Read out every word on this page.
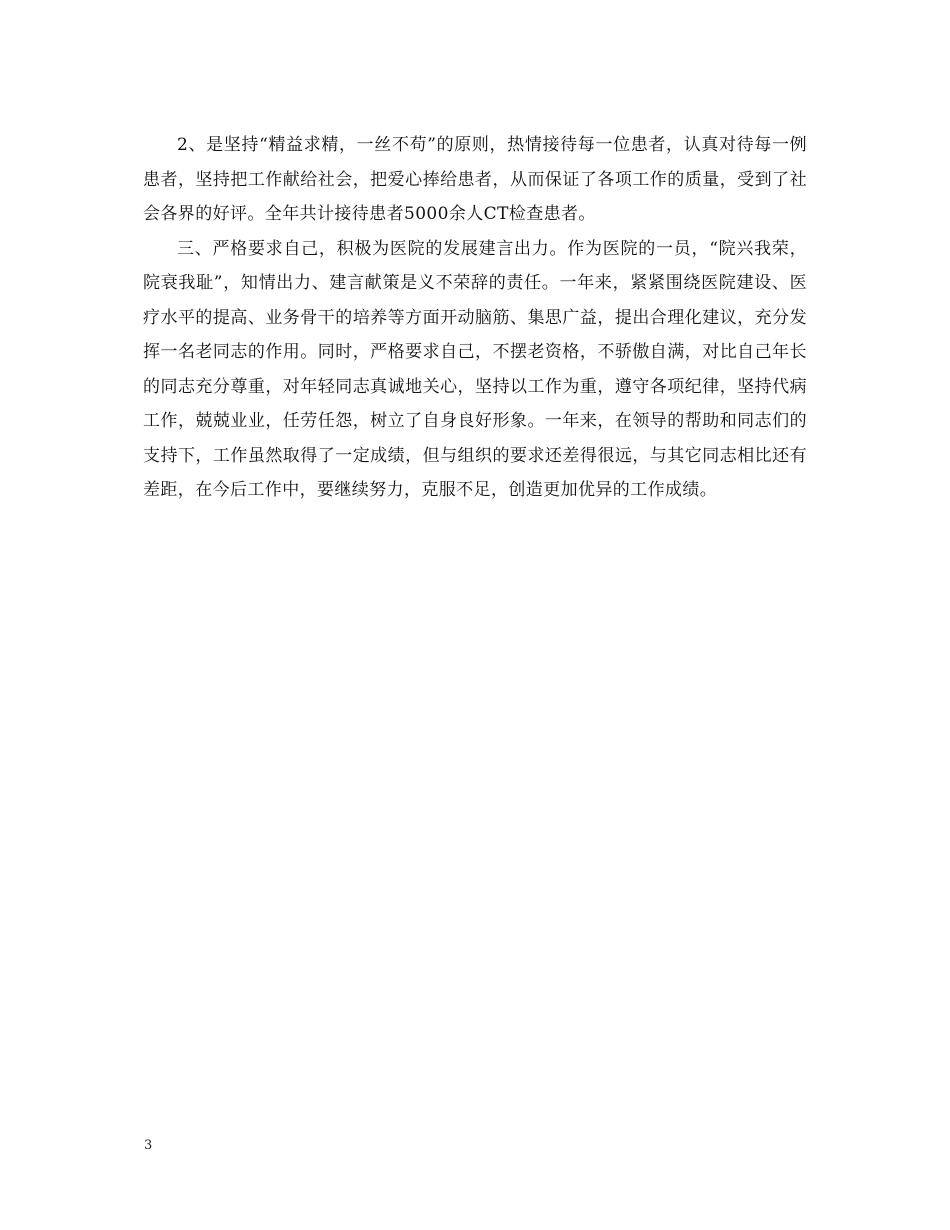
2、是坚持“精益求精，一丝不苟”的原则，热情接待每一位患者，认真对待每一例患者，坚持把工作献给社会，把爱心捧给患者，从而保证了各项工作的质量，受到了社会各界的好评。全年共计接待患者5000余人CT检查患者。

三、严格要求自己，积极为医院的发展建言出力。作为医院的一员，“院兴我荣，院衰我耻”，知情出力、建言献策是义不荣辞的责任。一年来，紧紧围绕医院建设、医疗水平的提高、业务骨干的培养等方面开动脑筋、集思广益，提出合理化建议，充分发挥一名老同志的作用。同时，严格要求自己，不摆老资格，不骄傲自满，对比自己年长的同志充分尊重，对年轻同志真诚地关心，坚持以工作为重，遵守各项纪律，坚持代病工作，兢兢业业，任劳任怨，树立了自身良好形象。一年来，在领导的帮助和同志们的支持下，工作虽然取得了一定成绩，但与组织的要求还差得很远，与其它同志相比还有差距，在今后工作中，要继续努力，克服不足，创造更加优异的工作成绩。

3
